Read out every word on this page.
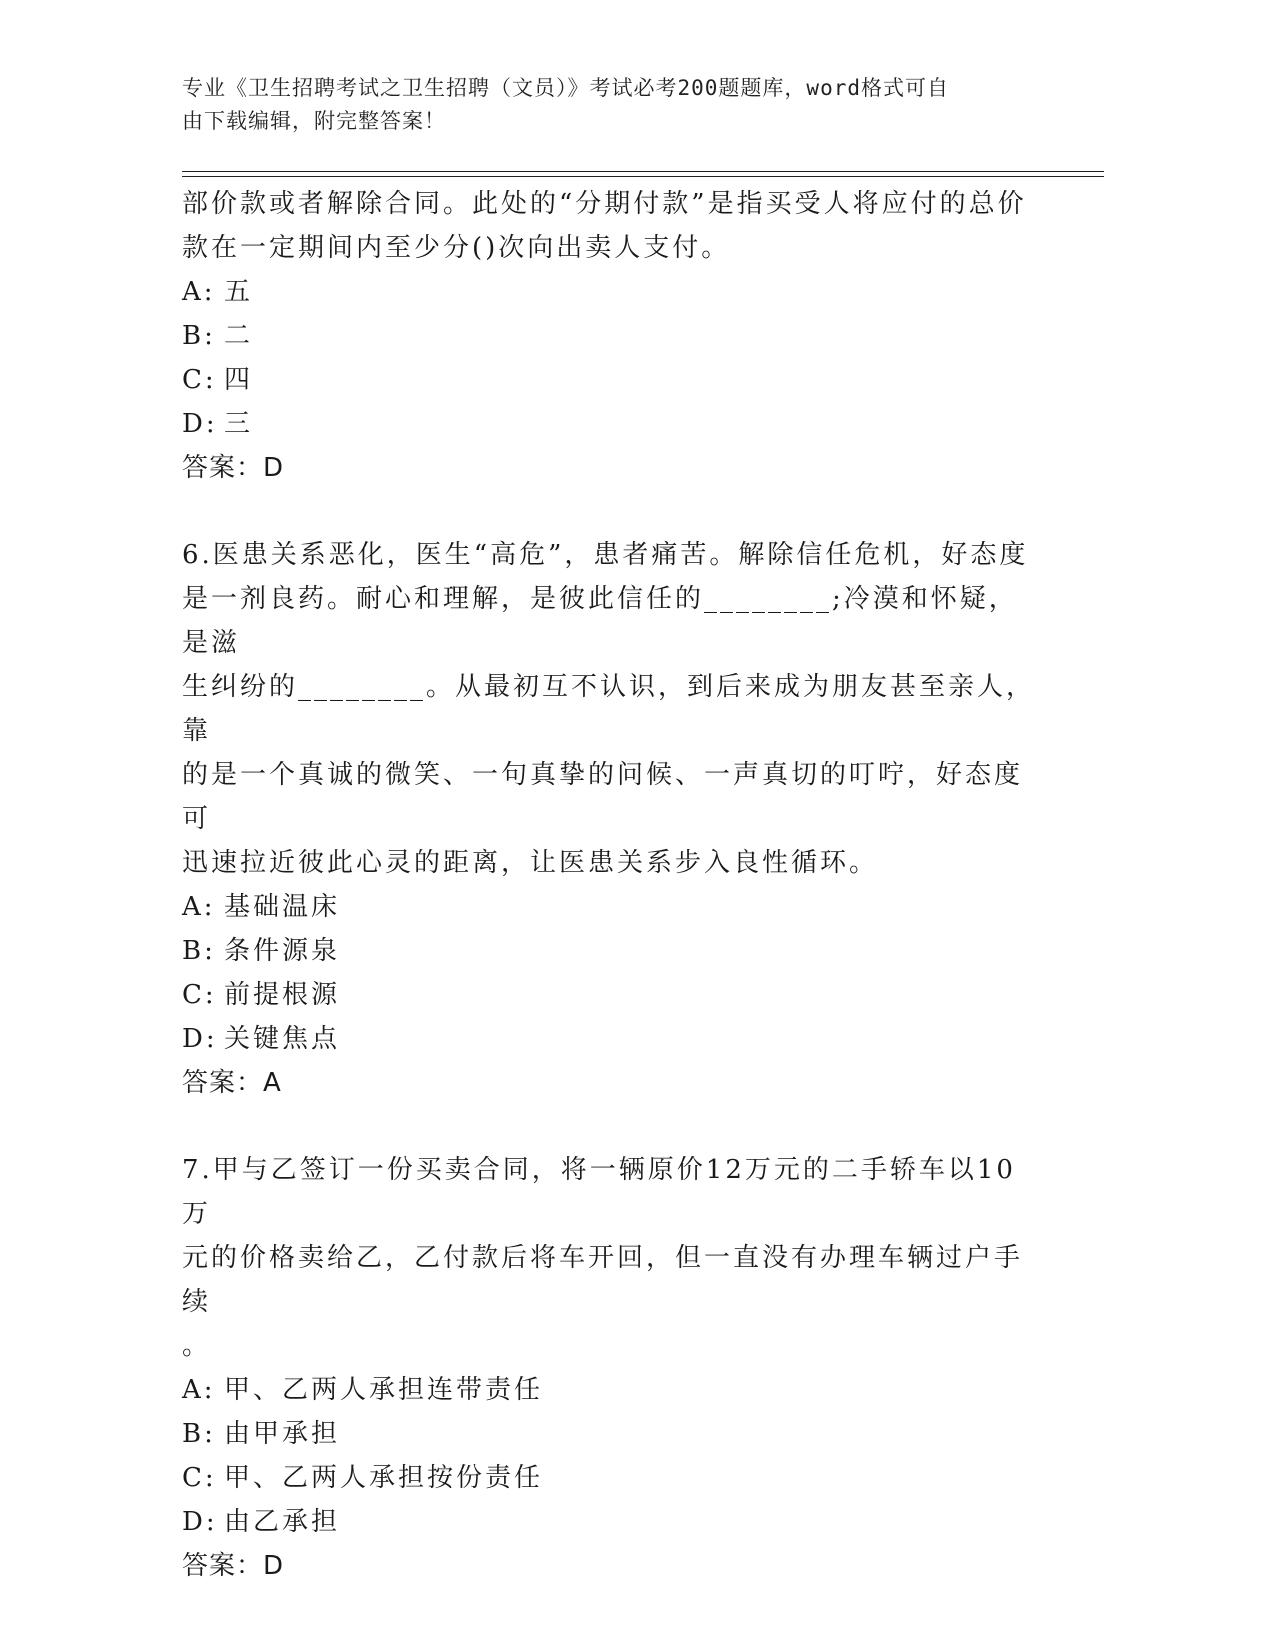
专业《卫生招聘考试之卫生招聘（文员）》考试必考200题题库，word格式可自
由下载编辑，附完整答案！

部价款或者解除合同。此处的“分期付款”是指买受人将应付的总价

款在一定期间内至少分()次向出卖人支付。

A: 五

B: 二

C: 四

D: 三

答案：D

6.医患关系恶化，医生“高危”，患者痛苦。解除信任危机，好态度

是一剂良药。耐心和理解，是彼此信任的________;冷漠和怀疑，是滋

生纠纷的________。从最初互不认识，到后来成为朋友甚至亲人，靠

的是一个真诚的微笑、一句真挚的问候、一声真切的叮咛，好态度可

迅速拉近彼此心灵的距离，让医患关系步入良性循环。

A: 基础温床

B: 条件源泉

C: 前提根源

D: 关键焦点

答案：A

7.甲与乙签订一份买卖合同，将一辆原价12万元的二手轿车以10万

元的价格卖给乙，乙付款后将车开回，但一直没有办理车辆过户手续

。

A: 甲、乙两人承担连带责任

B: 由甲承担

C: 甲、乙两人承担按份责任

D: 由乙承担

答案：D
